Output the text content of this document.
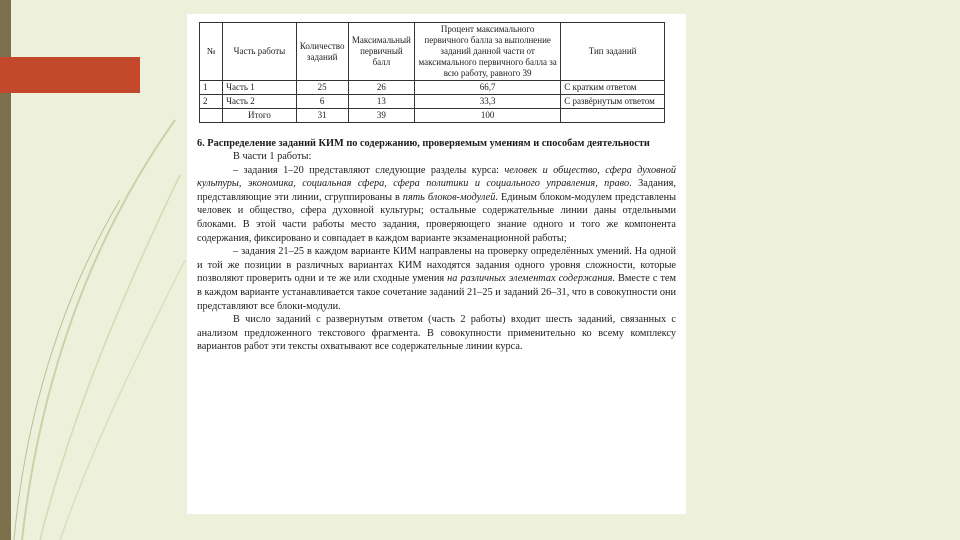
№	Часть работы	Количество заданий	Максимальный первичный балл	Процент максимального первичного балла за выполнение заданий данной части от максимального первичного балла за всю работу, равного 39	Тип заданий
1	Часть 1	25	26	66,7	С кратким ответом
2	Часть 2	6	13	33,3	С развёрнутым ответом
	Итого	31	39	100	
6. Распределение заданий КИМ по содержанию, проверяемым умениям и способам деятельности

В части 1 работы:

– задания 1–20 представляют следующие разделы курса: человек и общество, сфера духовной культуры, экономика, социальная сфера, сфера политики и социального управления, право. Задания, представляющие эти линии, сгруппированы в пять блоков-модулей. Единым блоком-модулем представлены человек и общество, сфера духовной культуры; остальные содержательные линии даны отдельными блоками. В этой части работы место задания, проверяющего знание одного и того же компонента содержания, фиксировано и совпадает в каждом варианте экзаменационной работы;

– задания 21–25 в каждом варианте КИМ направлены на проверку определённых умений. На одной и той же позиции в различных вариантах КИМ находятся задания одного уровня сложности, которые позволяют проверить одни и те же или сходные умения на различных элементах содержания. Вместе с тем в каждом варианте устанавливается такое сочетание заданий 21–25 и заданий 26–31, что в совокупности они представляют все блоки-модули.

В число заданий с развернутым ответом (часть 2 работы) входит шесть заданий, связанных с анализом предложенного текстового фрагмента. В совокупности применительно ко всему комплексу вариантов работ эти тексты охватывают все содержательные линии курса.
